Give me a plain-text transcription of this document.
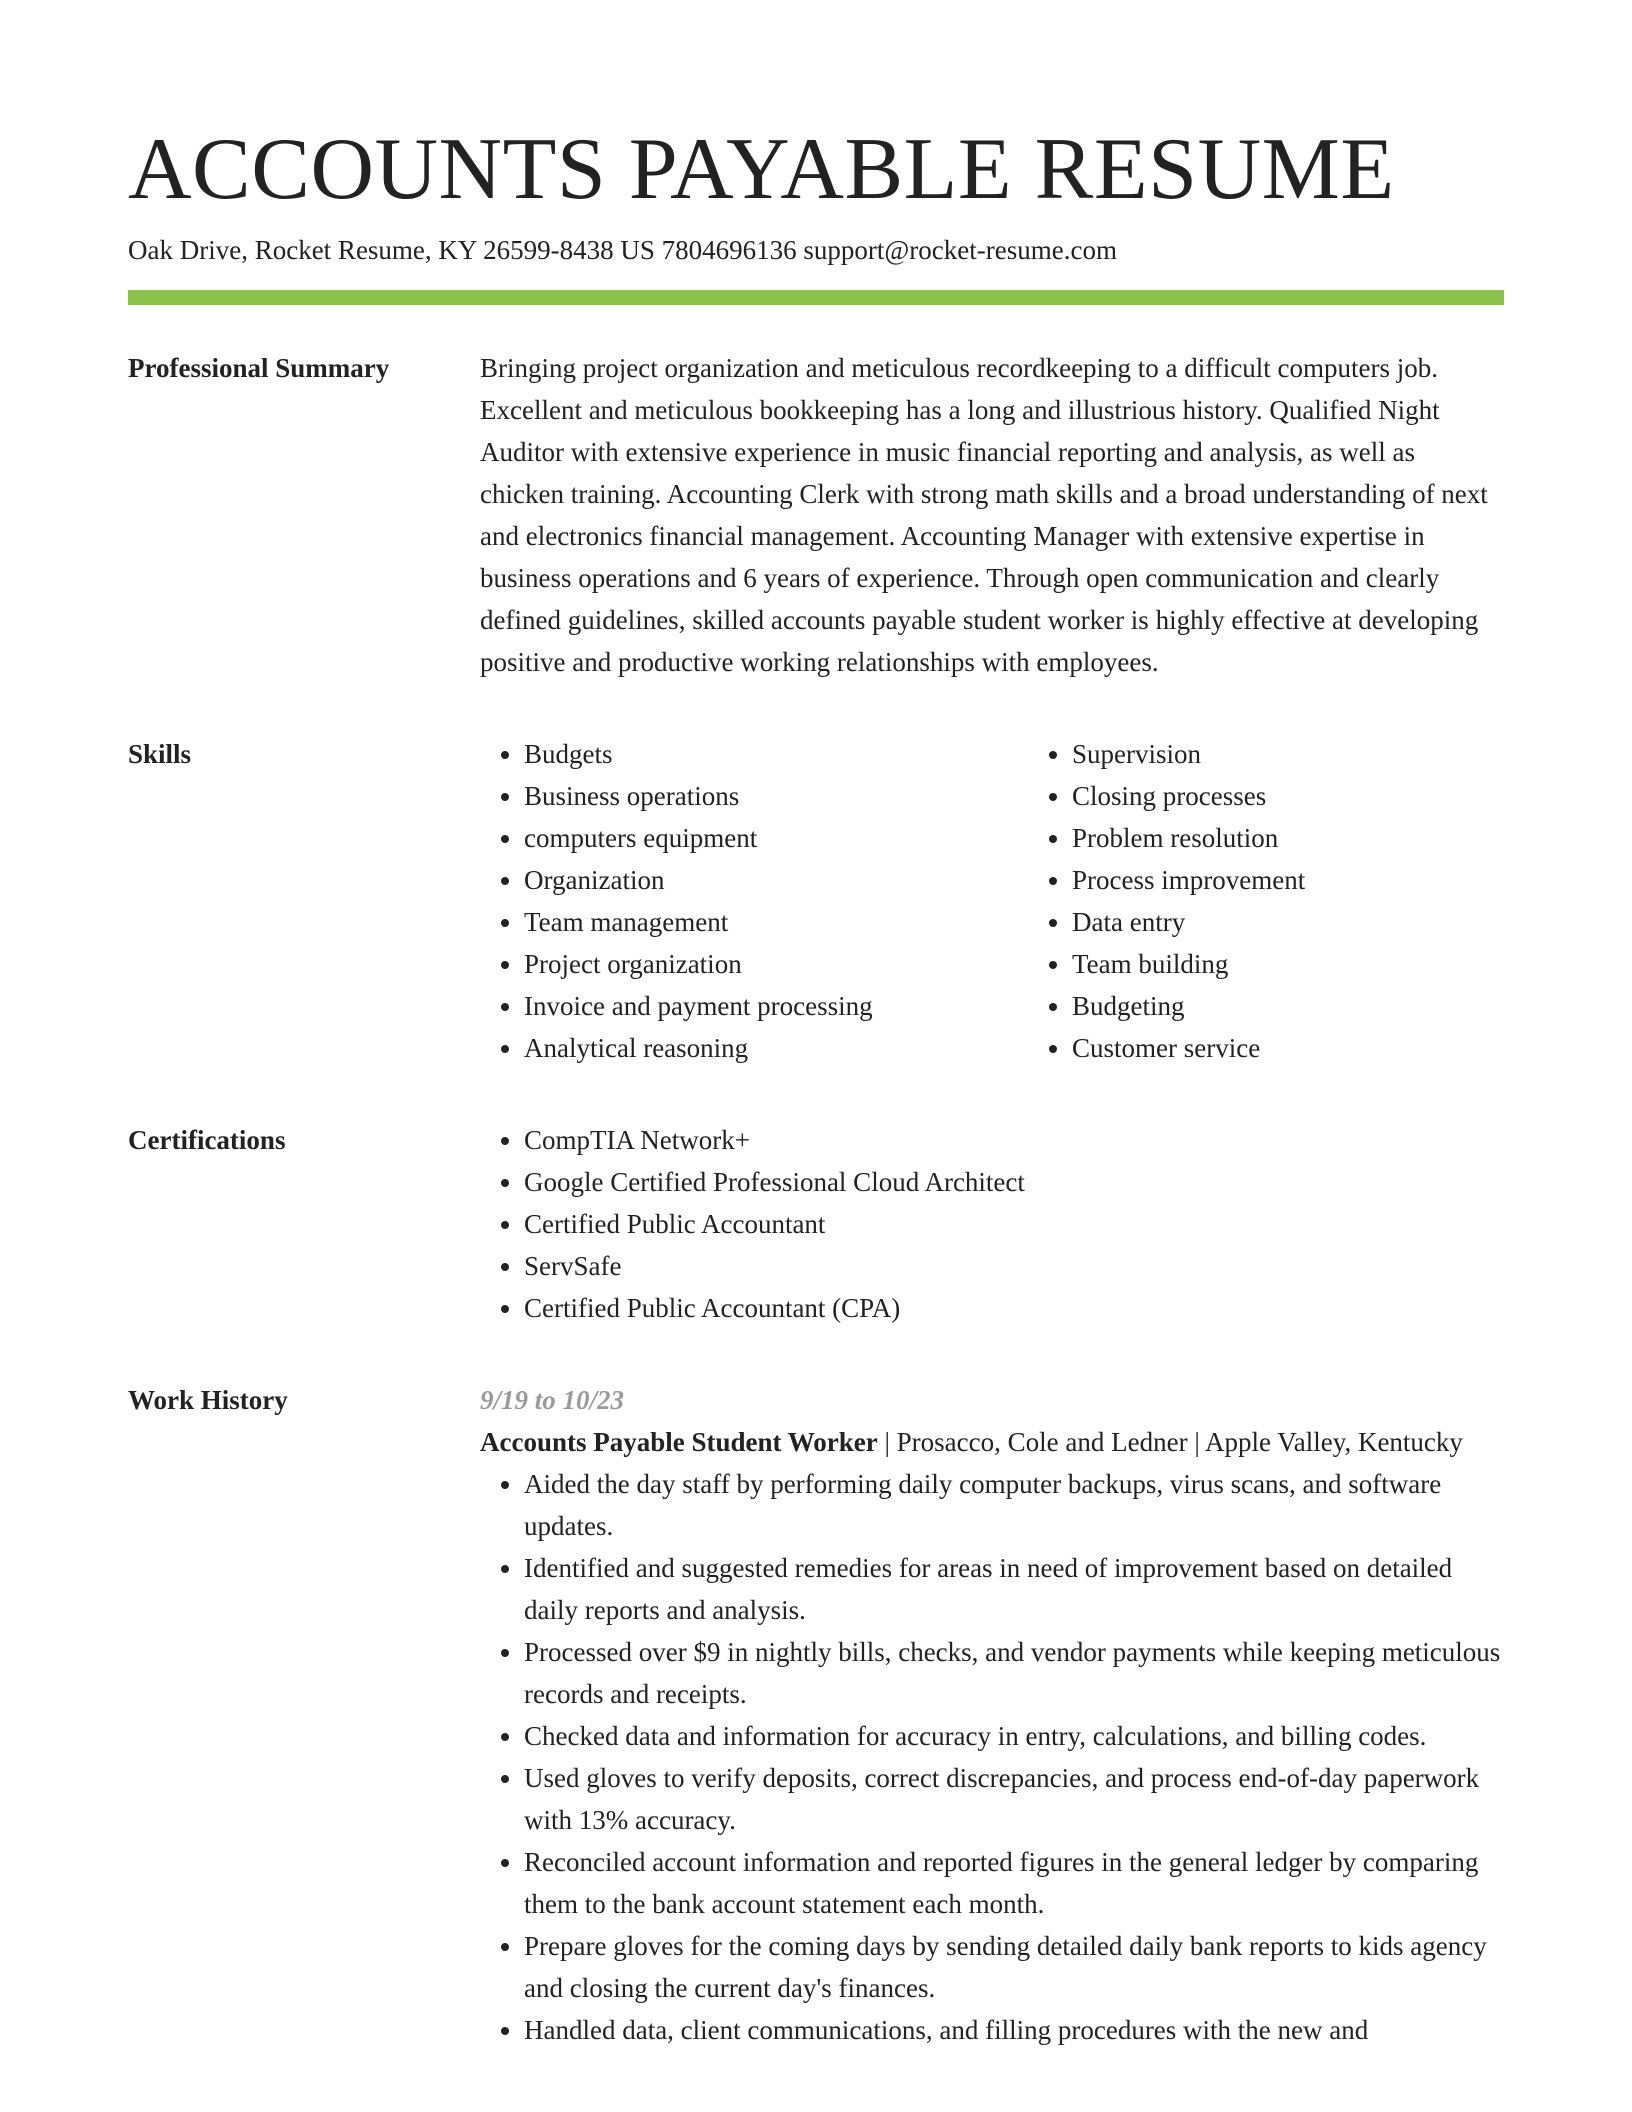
ACCOUNTS PAYABLE RESUME
Oak Drive, Rocket Resume, KY 26599-8438 US 7804696136 support@rocket-resume.com
Professional Summary	Bringing project organization and meticulous recordkeeping to a difficult computers job. Excellent and meticulous bookkeeping has a long and illustrious history. Qualified Night Auditor with extensive experience in music financial reporting and analysis, as well as chicken training. Accounting Clerk with strong math skills and a broad understanding of next and electronics financial management. Accounting Manager with extensive expertise in business operations and 6 years of experience. Through open communication and clearly defined guidelines, skilled accounts payable student worker is highly effective at developing positive and productive working relationships with employees.

Skills	• Budgets
• Business operations
• computers equipment
• Organization
• Team management
• Project organization
• Invoice and payment processing
• Analytical reasoning
• Supervision
• Closing processes
• Problem resolution
• Process improvement
• Data entry
• Team building
• Budgeting
• Customer service
Certifications	• CompTIA Network+
• Google Certified Professional Cloud Architect
• Certified Public Accountant
• ServSafe
• Certified Public Accountant (CPA)
Work History	9/19 to 10/23
Accounts Payable Student Worker | Prosacco, Cole and Ledner | Apple Valley, Kentucky
• Aided the day staff by performing daily computer backups, virus scans, and software updates.
• Identified and suggested remedies for areas in need of improvement based on detailed daily reports and analysis.
• Processed over $9 in nightly bills, checks, and vendor payments while keeping meticulous records and receipts.
• Checked data and information for accuracy in entry, calculations, and billing codes.
• Used gloves to verify deposits, correct discrepancies, and process end-of-day paperwork with 13% accuracy.
• Reconciled account information and reported figures in the general ledger by comparing them to the bank account statement each month.
• Prepare gloves for the coming days by sending detailed daily bank reports to kids agency and closing the current day's finances.
• Handled data, client communications, and filling procedures with the new and
